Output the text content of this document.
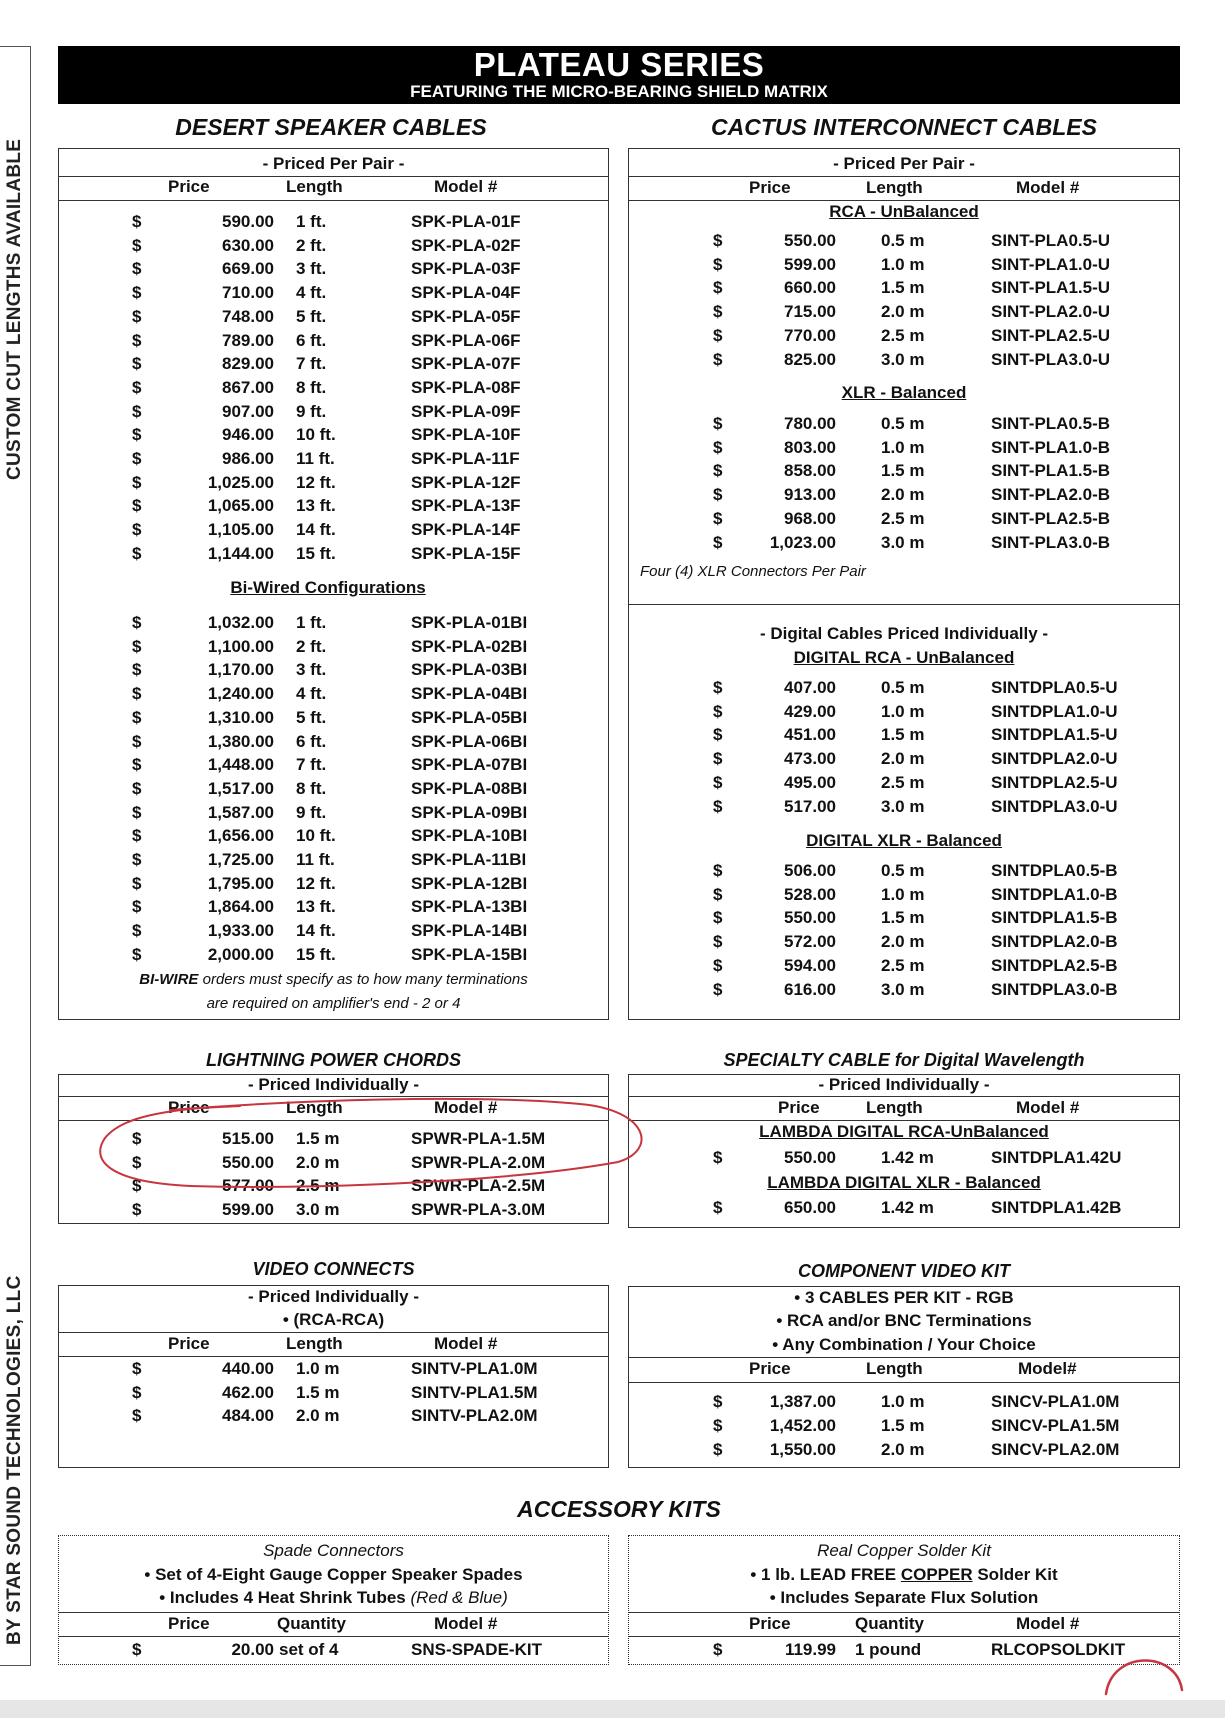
CUSTOM CUT LENGTHS AVAILABLE
BY STAR SOUND TECHNOLOGIES, LLC
PLATEAU SERIES
FEATURING THE MICRO-BEARING SHIELD MATRIX
DESERT SPEAKER CABLES
- Priced Per Pair -
Price	Length	Model #
$	590.00 1 ft.	SPK-PLA-01F
$	630.00 2 ft.	SPK-PLA-02F
$	669.00 3 ft.	SPK-PLA-03F
$	710.00 4 ft.	SPK-PLA-04F
$	748.00 5 ft.	SPK-PLA-05F
$	789.00 6 ft.	SPK-PLA-06F
$	829.00 7 ft.	SPK-PLA-07F
$	867.00 8 ft.	SPK-PLA-08F
$	907.00 9 ft.	SPK-PLA-09F
$	946.00 10 ft.	SPK-PLA-10F
$	986.00 11 ft.	SPK-PLA-11F
$	1,025.00 12 ft.	SPK-PLA-12F
$	1,065.00 13 ft.	SPK-PLA-13F
$	1,105.00 14 ft.	SPK-PLA-14F
$	1,144.00 15 ft.	SPK-PLA-15F
Bi-Wired Configurations
$	1,032.00 1 ft.	SPK-PLA-01BI
$	1,100.00 2 ft.	SPK-PLA-02BI
$	1,170.00 3 ft.	SPK-PLA-03BI
$	1,240.00 4 ft.	SPK-PLA-04BI
$	1,310.00 5 ft.	SPK-PLA-05BI
$	1,380.00 6 ft.	SPK-PLA-06BI
$	1,448.00 7 ft.	SPK-PLA-07BI
$	1,517.00 8 ft.	SPK-PLA-08BI
$	1,587.00 9 ft.	SPK-PLA-09BI
$	1,656.00 10 ft.	SPK-PLA-10BI
$	1,725.00 11 ft.	SPK-PLA-11BI
$	1,795.00 12 ft.	SPK-PLA-12BI
$	1,864.00 13 ft.	SPK-PLA-13BI
$	1,933.00 14 ft.	SPK-PLA-14BI
$	2,000.00 15 ft.	SPK-PLA-15BI
BI-WIRE orders must specify as to how many terminations
are required on amplifier's end - 2 or 4
CACTUS INTERCONNECT CABLES
- Priced Per Pair -
Price	Length	Model #
RCA - UnBalanced
$	550.00	0.5 m	SINT-PLA0.5-U
$	599.00	1.0 m	SINT-PLA1.0-U
$	660.00	1.5 m	SINT-PLA1.5-U
$	715.00	2.0 m	SINT-PLA2.0-U
$	770.00	2.5 m	SINT-PLA2.5-U
$	825.00	3.0 m	SINT-PLA3.0-U
XLR - Balanced
$	780.00	0.5 m	SINT-PLA0.5-B
$	803.00	1.0 m	SINT-PLA1.0-B
$	858.00	1.5 m	SINT-PLA1.5-B
$	913.00	2.0 m	SINT-PLA2.0-B
$	968.00	2.5 m	SINT-PLA2.5-B
$	1,023.00	3.0 m	SINT-PLA3.0-B
Four (4) XLR Connectors Per Pair
- Digital Cables Priced Individually -
DIGITAL RCA - UnBalanced
$	407.00	0.5 m	SINTDPLA0.5-U
$	429.00	1.0 m	SINTDPLA1.0-U
$	451.00	1.5 m	SINTDPLA1.5-U
$	473.00	2.0 m	SINTDPLA2.0-U
$	495.00	2.5 m	SINTDPLA2.5-U
$	517.00	3.0 m	SINTDPLA3.0-U
DIGITAL XLR - Balanced
$	506.00	0.5 m	SINTDPLA0.5-B
$	528.00	1.0 m	SINTDPLA1.0-B
$	550.00	1.5 m	SINTDPLA1.5-B
$	572.00	2.0 m	SINTDPLA2.0-B
$	594.00	2.5 m	SINTDPLA2.5-B
$	616.00	3.0 m	SINTDPLA3.0-B
LIGHTNING POWER CHORDS
- Priced Individually -
Price	Length	Model #
$	515.00 1.5 m	SPWR-PLA-1.5M
$	550.00 2.0 m	SPWR-PLA-2.0M
$	577.00 2.5 m	SPWR-PLA-2.5M
$	599.00 3.0 m	SPWR-PLA-3.0M
SPECIALTY CABLE for Digital Wavelength
- Priced Individually -
Price	Length	Model #
LAMBDA DIGITAL RCA-UnBalanced
$	550.00	1.42 m	SINTDPLA1.42U
LAMBDA DIGITAL XLR - Balanced
$	650.00	1.42 m	SINTDPLA1.42B
VIDEO CONNECTS
- Priced Individually -
• (RCA-RCA)
Price	Length	Model #
$	440.00 1.0 m	SINTV-PLA1.0M
$	462.00 1.5 m	SINTV-PLA1.5M
$	484.00 2.0 m	SINTV-PLA2.0M
COMPONENT VIDEO KIT
• 3 CABLES PER KIT - RGB
• RCA and/or BNC Terminations
• Any Combination / Your Choice
Price	Length	Model#
$	1,387.00	1.0 m	SINCV-PLA1.0M
$	1,452.00	1.5 m	SINCV-PLA1.5M
$	1,550.00	2.0 m	SINCV-PLA2.0M
ACCESSORY KITS
Spade Connectors
• Set of 4-Eight Gauge Copper Speaker Spades
• Includes 4 Heat Shrink Tubes (Red & Blue)
Price	Quantity	Model #
$	20.00 set of 4	SNS-SPADE-KIT
Real Copper Solder Kit
• 1 lb. LEAD FREE COPPER Solder Kit
• Includes Separate Flux Solution
Price	Quantity	Model #
$	119.99 1 pound	RLCOPSOLDKIT
